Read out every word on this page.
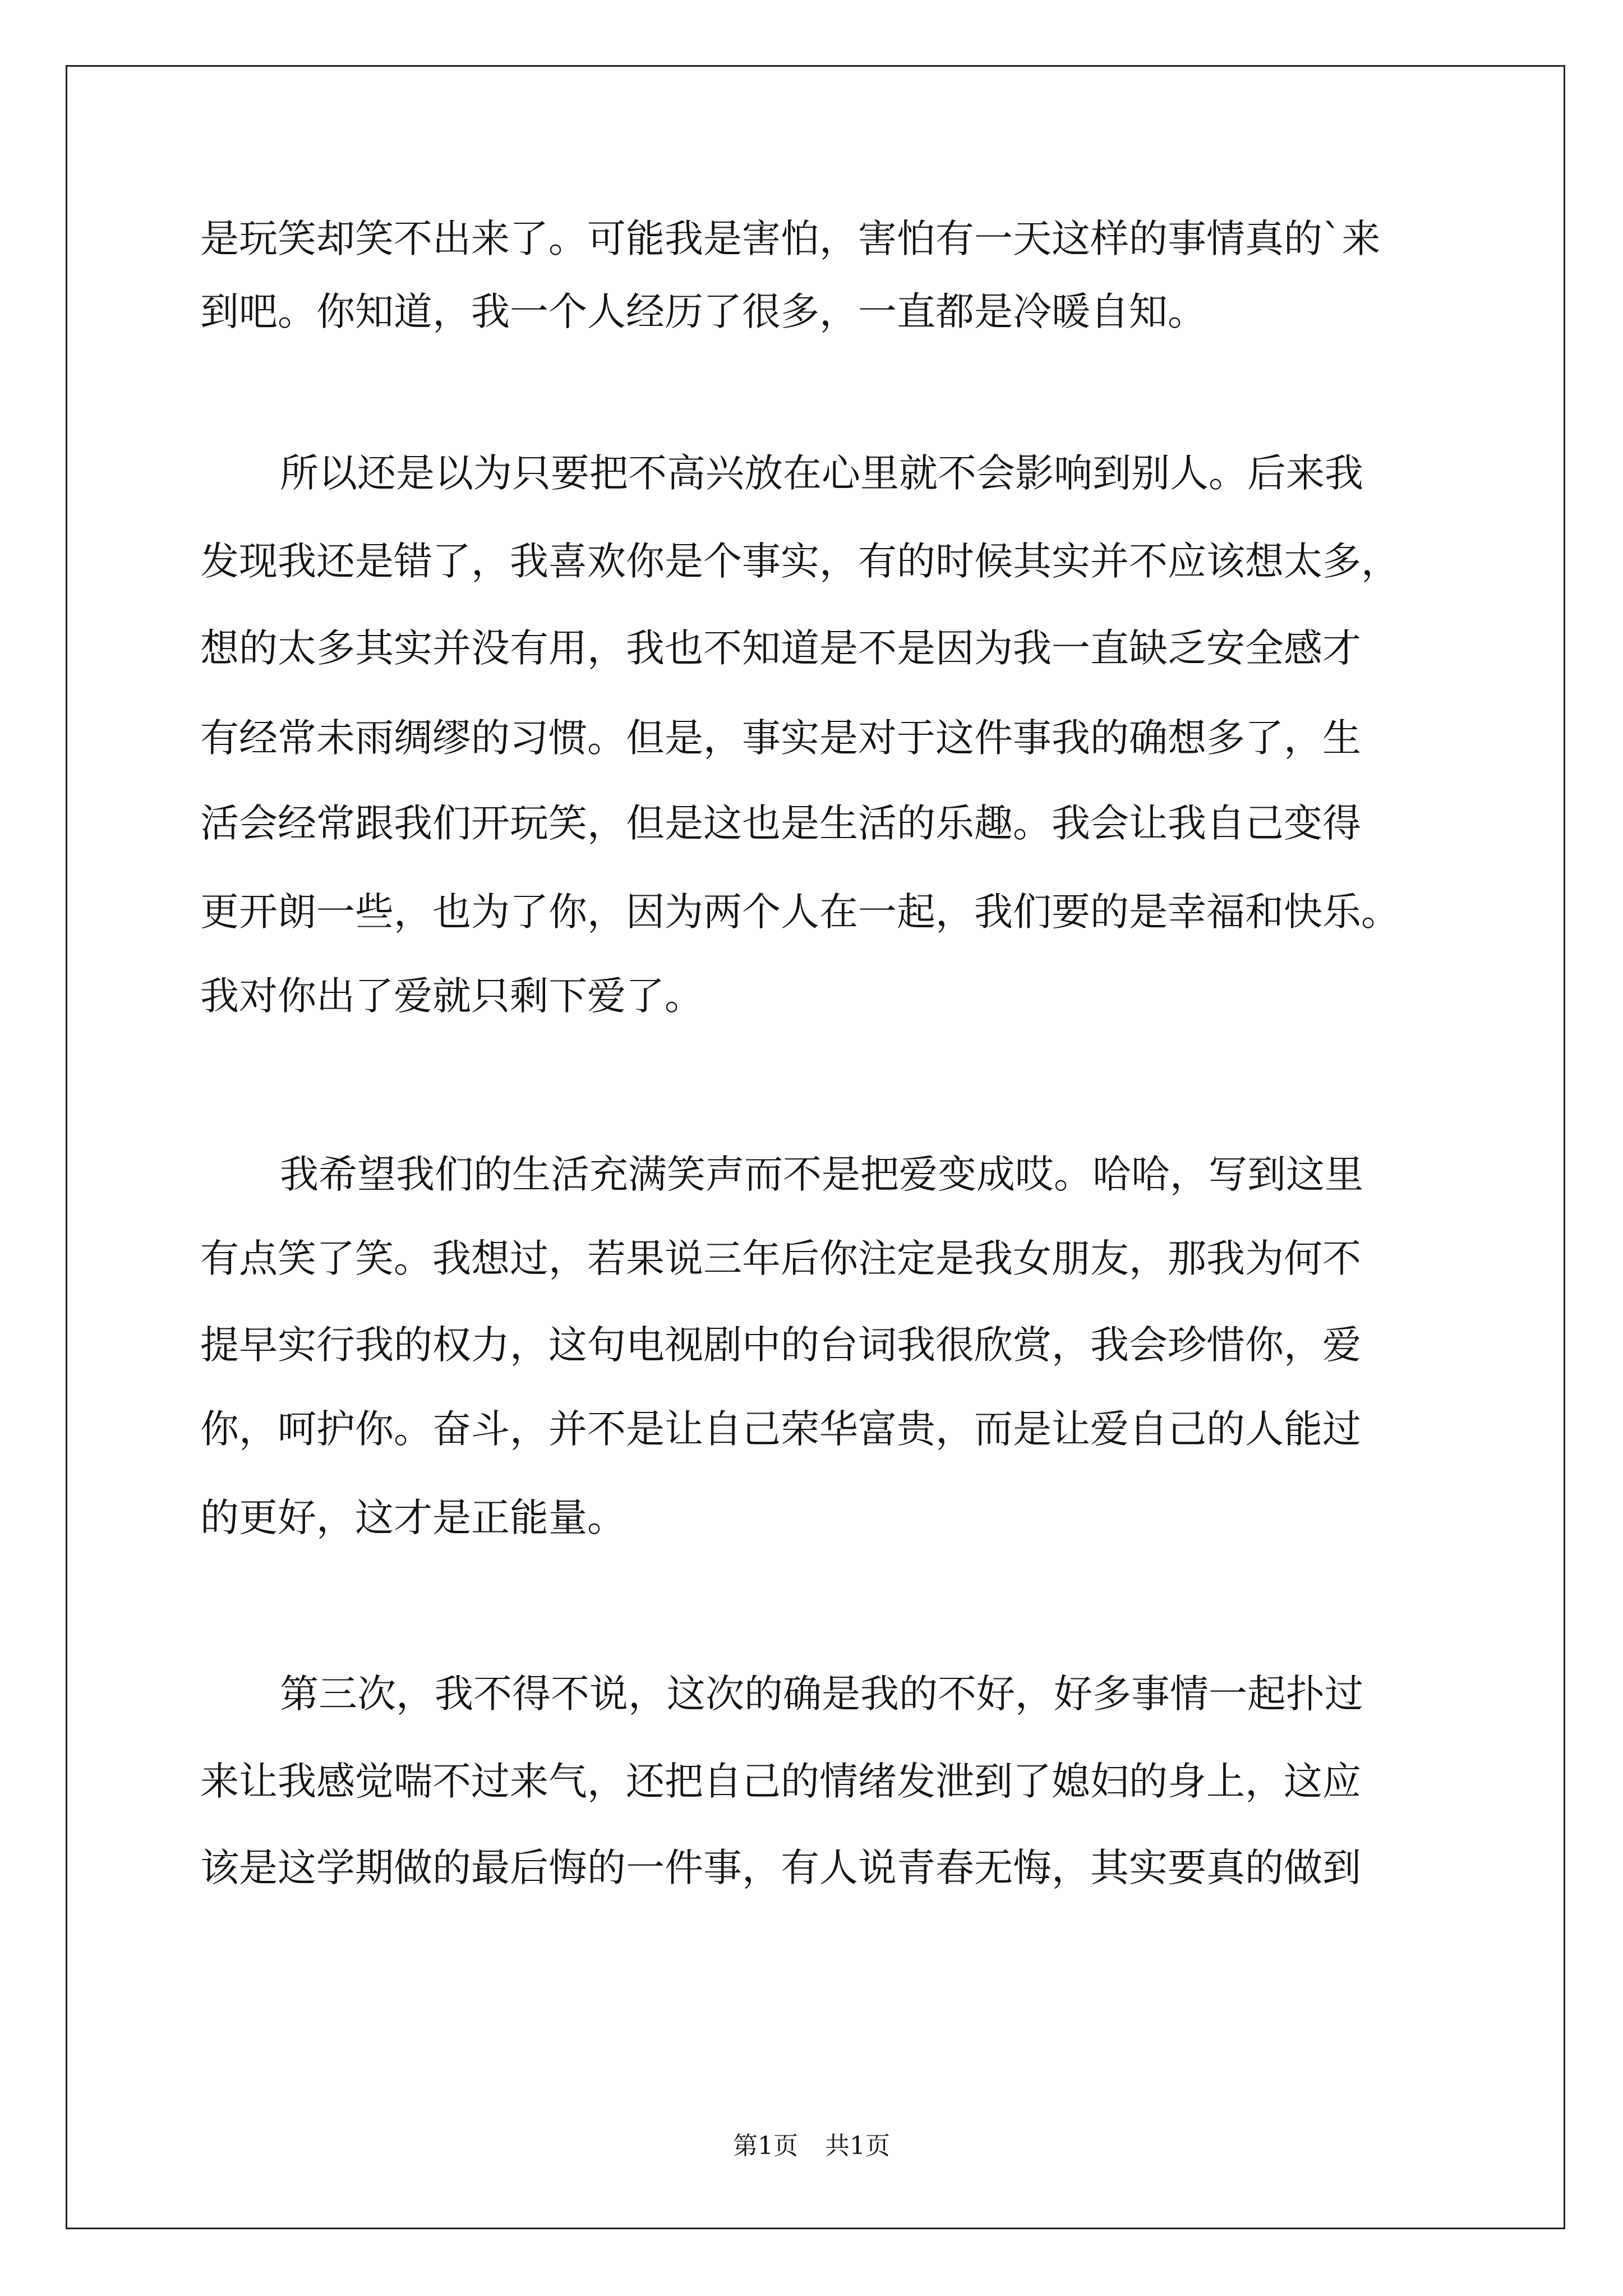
是玩笑却笑不出来了。可能我是害怕，害怕有一天这样的事情真的`来
到吧。你知道，我一个人经历了很多，一直都是冷暖自知。
所以还是以为只要把不高兴放在心里就不会影响到别人。后来我
发现我还是错了，我喜欢你是个事实，有的时候其实并不应该想太多，
想的太多其实并没有用，我也不知道是不是因为我一直缺乏安全感才
有经常未雨绸缪的习惯。但是，事实是对于这件事我的确想多了，生
活会经常跟我们开玩笑，但是这也是生活的乐趣。我会让我自己变得
更开朗一些，也为了你，因为两个人在一起，我们要的是幸福和快乐。
我对你出了爱就只剩下爱了。
我希望我们的生活充满笑声而不是把爱变成哎。哈哈，写到这里
有点笑了笑。我想过，若果说三年后你注定是我女朋友，那我为何不
提早实行我的权力，这句电视剧中的台词我很欣赏，我会珍惜你，爱
你，呵护你。奋斗，并不是让自己荣华富贵，而是让爱自己的人能过
的更好，这才是正能量。
第三次，我不得不说，这次的确是我的不好，好多事情一起扑过
来让我感觉喘不过来气，还把自己的情绪发泄到了媳妇的身上，这应
该是这学期做的最后悔的一件事，有人说青春无悔，其实要真的做到
第1页 共1页
